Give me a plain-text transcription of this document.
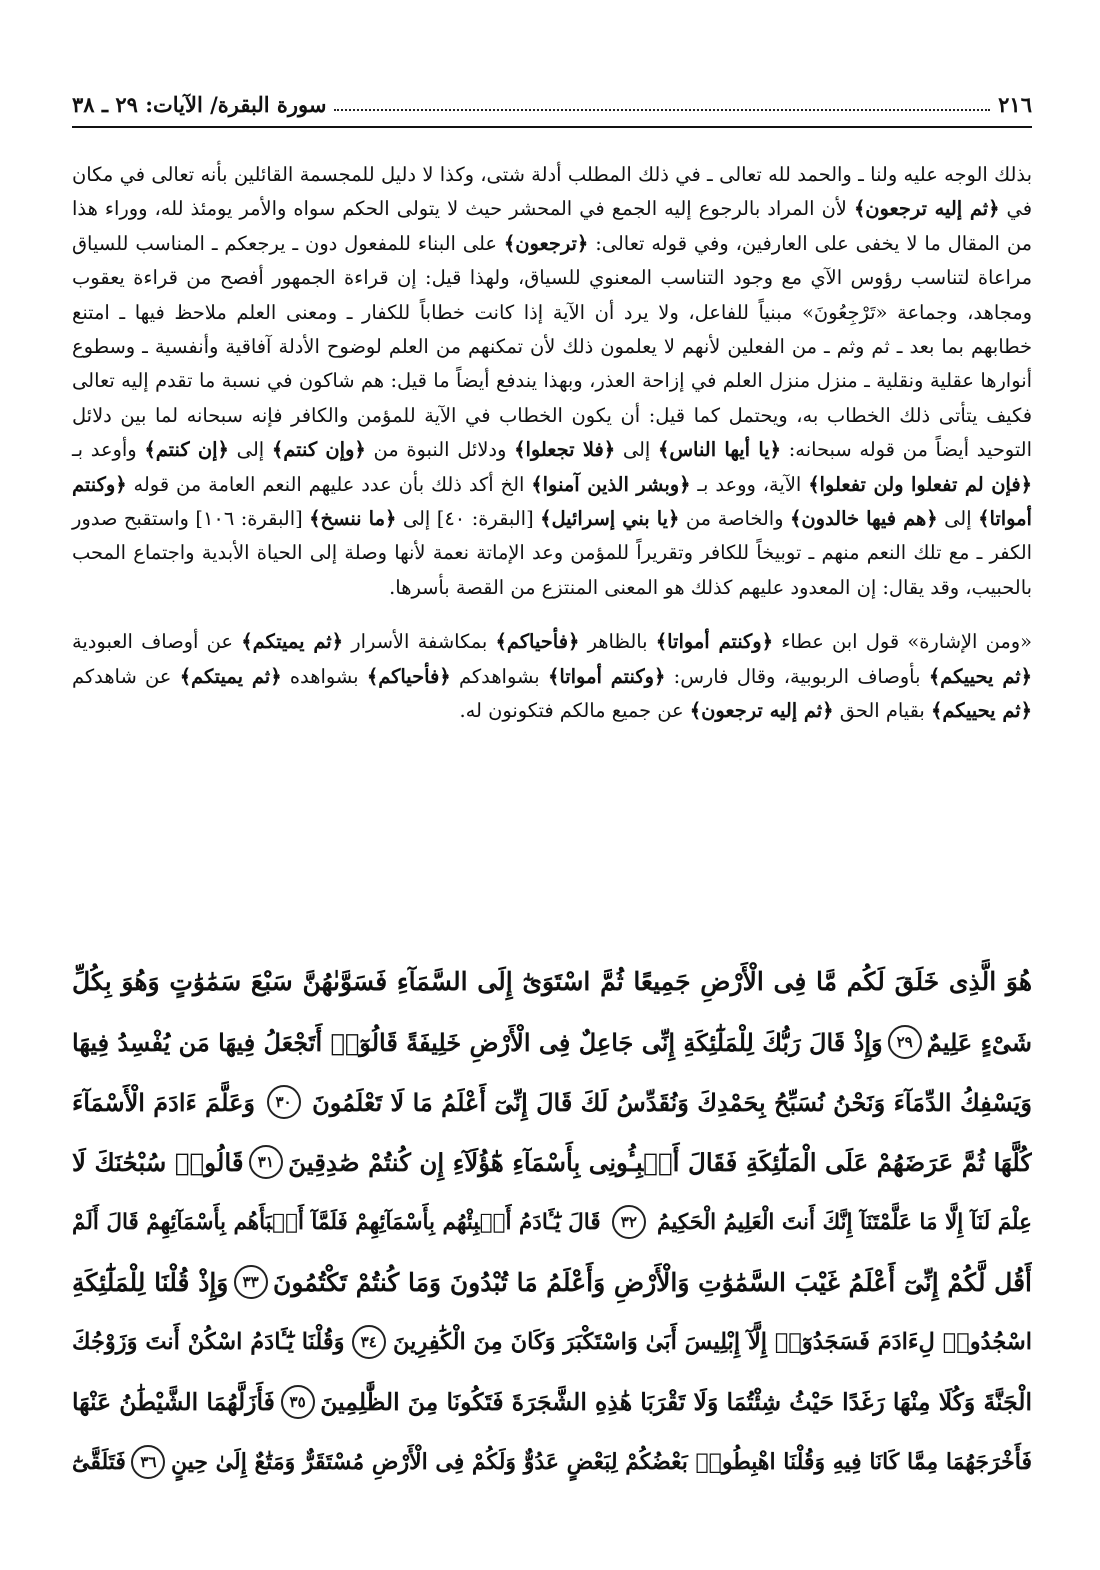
٢١٦
سورة البقرة/ الآيات: ٢٩ ـ ٣٨

بذلك الوجه عليه ولنا ـ والحمد لله تعالى ـ في ذلك المطلب أدلة شتى، وكذا لا دليل للمجسمة القائلين بأنه تعالى في مكان في ﴿ثم إليه ترجعون﴾ لأن المراد بالرجوع إليه الجمع في المحشر حيث لا يتولى الحكم سواه والأمر يومئذ لله، ووراء هذا من المقال ما لا يخفى على العارفين، وفي قوله تعالى: ﴿ترجعون﴾ على البناء للمفعول دون ـ يرجعكم ـ المناسب للسياق مراعاة لتناسب رؤوس الآي مع وجود التناسب المعنوي للسياق، ولهذا قيل: إن قراءة الجمهور أفصح من قراءة يعقوب ومجاهد، وجماعة «تَرْجِعُونَ» مبنياً للفاعل، ولا يرد أن الآية إذا كانت خطاباً للكفار ـ ومعنى العلم ملاحظ فيها ـ امتنع خطابهم بما بعد ـ ثم وثم ـ من الفعلين لأنهم لا يعلمون ذلك لأن تمكنهم من العلم لوضوح الأدلة آفاقية وأنفسية ـ وسطوع أنوارها عقلية ونقلية ـ منزل منزل العلم في إزاحة العذر، وبهذا يندفع أيضاً ما قيل: هم شاكون في نسبة ما تقدم إليه تعالى فكيف يتأتى ذلك الخطاب به، ويحتمل كما قيل: أن يكون الخطاب في الآية للمؤمن والكافر فإنه سبحانه لما بين دلائل التوحيد أيضاً من قوله سبحانه: ﴿يا أيها الناس﴾ إلى ﴿فلا تجعلوا﴾ ودلائل النبوة من ﴿وإن كنتم﴾ إلى ﴿إن كنتم﴾ وأوعد بـ ﴿فإن لم تفعلوا ولن تفعلوا﴾ الآية، ووعد بـ ﴿وبشر الذين آمنوا﴾ الخ أكد ذلك بأن عدد عليهم النعم العامة من قوله ﴿وكنتم أمواتا﴾ إلى ﴿هم فيها خالدون﴾ والخاصة من ﴿يا بني إسرائيل﴾ [البقرة: ٤٠] إلى ﴿ما ننسخ﴾ [البقرة: ١٠٦] واستقبح صدور الكفر ـ مع تلك النعم منهم ـ توبيخاً للكافر وتقريراً للمؤمن وعد الإماتة نعمة لأنها وصلة إلى الحياة الأبدية واجتماع المحب بالحبيب، وقد يقال: إن المعدود عليهم كذلك هو المعنى المنتزع من القصة بأسرها.

«ومن الإشارة» قول ابن عطاء ﴿وكنتم أمواتا﴾ بالظاهر ﴿فأحياكم﴾ بمكاشفة الأسرار ﴿ثم يميتكم﴾ عن أوصاف العبودية ﴿ثم يحييكم﴾ بأوصاف الربوبية، وقال فارس: ﴿وكنتم أمواتا﴾ بشواهدكم ﴿فأحياكم﴾ بشواهده ﴿ثم يميتكم﴾ عن شاهدكم ﴿ثم يحييكم﴾ بقيام الحق ﴿ثم إليه ترجعون﴾ عن جميع مالكم فتكونون له.

هُوَ الَّذِى خَلَقَ لَكُم مَّا فِى الْأَرْضِ جَمِيعًا ثُمَّ اسْتَوَىٰٓ إِلَى السَّمَآءِ فَسَوَّىٰهُنَّ سَبْعَ سَمَٰوَٰتٍ وَهُوَ بِكُلِّ
شَىْءٍ عَلِيمٌ
٢٩
وَإِذْ قَالَ رَبُّكَ لِلْمَلَٰٓئِكَةِ إِنِّى جَاعِلٌ فِى الْأَرْضِ خَلِيفَةً قَالُوٓا۟ أَتَجْعَلُ فِيهَا مَن يُفْسِدُ فِيهَا
وَيَسْفِكُ الدِّمَآءَ وَنَحْنُ نُسَبِّحُ بِحَمْدِكَ وَنُقَدِّسُ لَكَ قَالَ إِنِّىٓ أَعْلَمُ مَا لَا تَعْلَمُونَ
٣٠
وَعَلَّمَ ءَادَمَ الْأَسْمَآءَ
كُلَّهَا ثُمَّ عَرَضَهُمْ عَلَى الْمَلَٰٓئِكَةِ فَقَالَ أَنۢبِـُٔونِى بِأَسْمَآءِ هَٰٓؤُلَآءِ إِن كُنتُمْ صَٰدِقِينَ
٣١
قَالُوا۟ سُبْحَٰنَكَ لَا
عِلْمَ لَنَآ إِلَّا مَا عَلَّمْتَنَآ إِنَّكَ أَنتَ الْعَلِيمُ الْحَكِيمُ
٣٢
قَالَ يَٰٓـَٔادَمُ أَنۢبِئْهُم بِأَسْمَآئِهِمْ فَلَمَّآ أَنۢبَأَهُم بِأَسْمَآئِهِمْ قَالَ أَلَمْ
أَقُل لَّكُمْ إِنِّىٓ أَعْلَمُ غَيْبَ السَّمَٰوَٰتِ وَالْأَرْضِ وَأَعْلَمُ مَا تُبْدُونَ وَمَا كُنتُمْ تَكْتُمُونَ
٣٣
وَإِذْ قُلْنَا لِلْمَلَٰٓئِكَةِ
اسْجُدُوا۟ لِءَادَمَ فَسَجَدُوٓا۟ إِلَّآ إِبْلِيسَ أَبَىٰ وَاسْتَكْبَرَ وَكَانَ مِنَ الْكَٰفِرِينَ
٣٤
وَقُلْنَا يَٰٓـَٔادَمُ اسْكُنْ أَنتَ وَزَوْجُكَ
الْجَنَّةَ وَكُلَا مِنْهَا رَغَدًا حَيْثُ شِئْتُمَا وَلَا تَقْرَبَا هَٰذِهِ الشَّجَرَةَ فَتَكُونَا مِنَ الظَّٰلِمِينَ
٣٥
فَأَزَلَّهُمَا الشَّيْطَٰنُ عَنْهَا
فَأَخْرَجَهُمَا مِمَّا كَانَا فِيهِ وَقُلْنَا اهْبِطُوا۟ بَعْضُكُمْ لِبَعْضٍ عَدُوٌّ وَلَكُمْ فِى الْأَرْضِ مُسْتَقَرٌّ وَمَتَٰعٌ إِلَىٰ حِينٍ
٣٦
فَتَلَقَّىٰٓ
